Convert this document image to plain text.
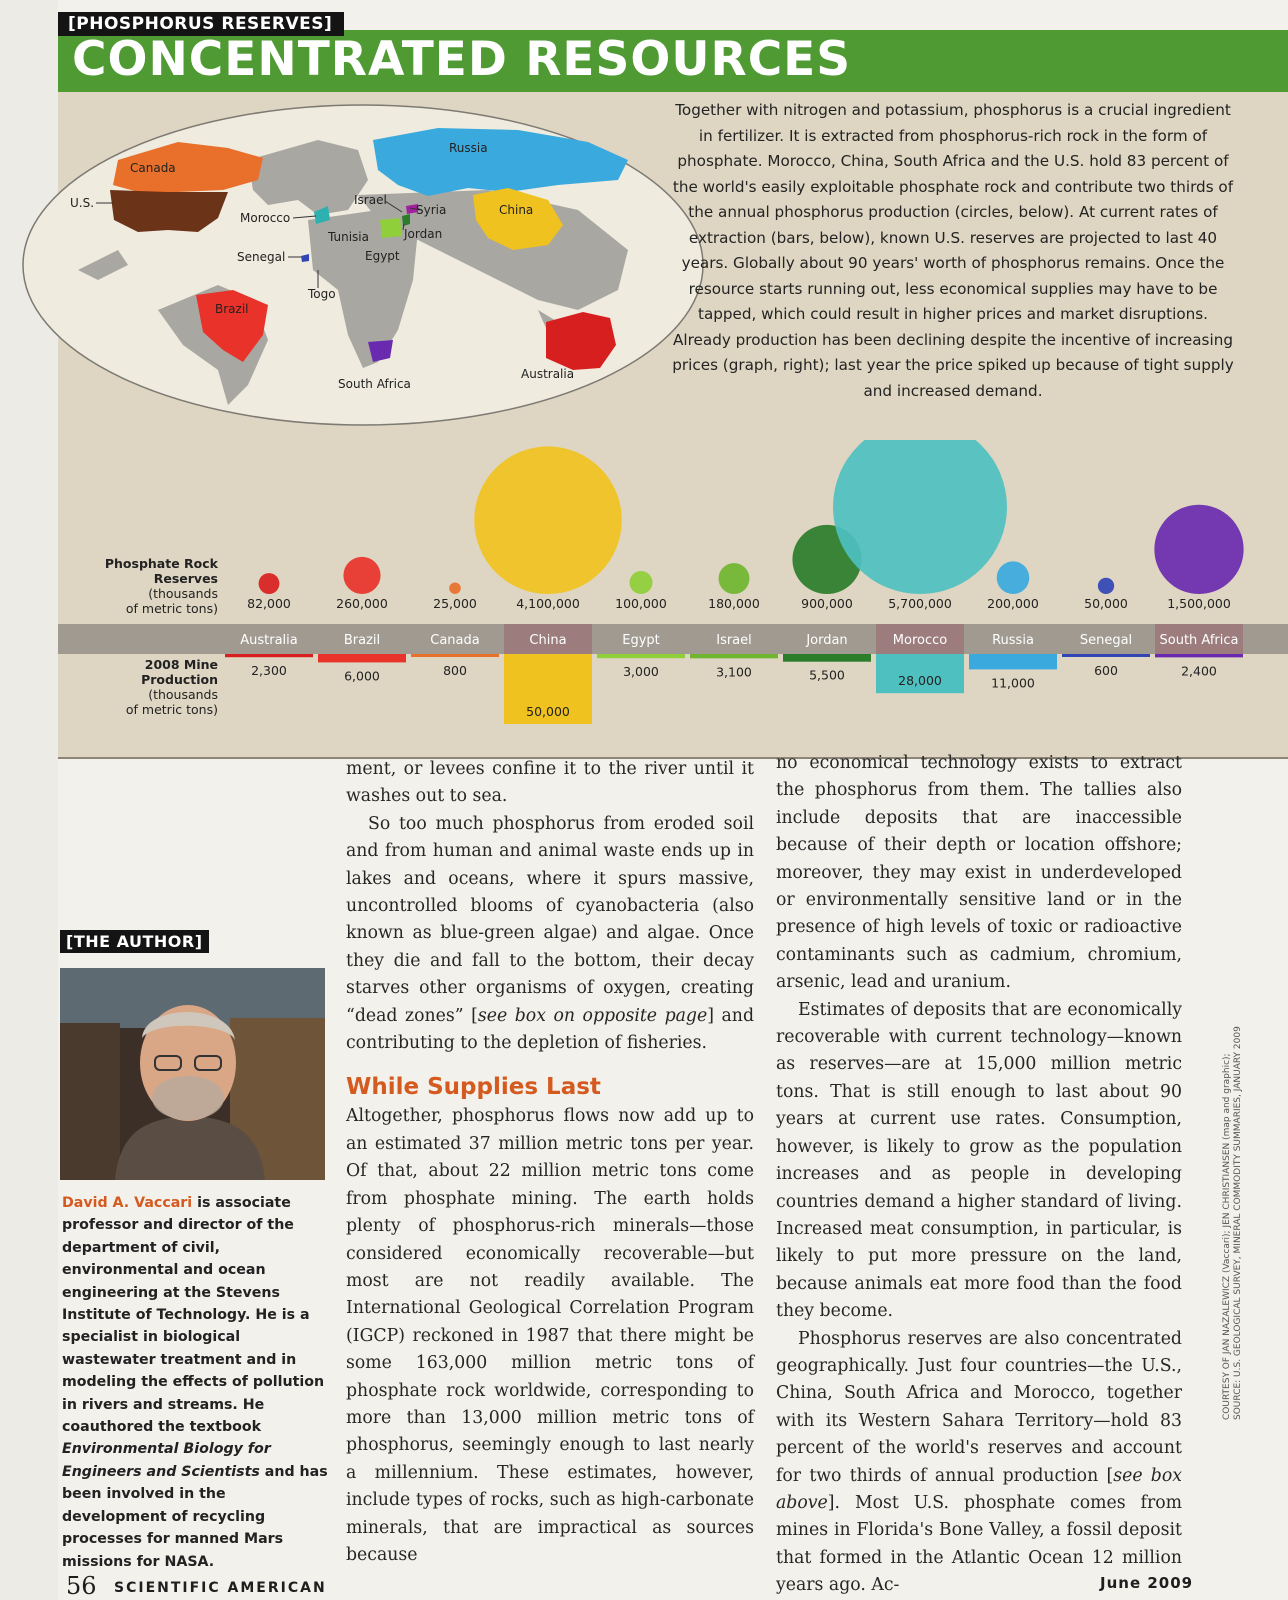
[PHOSPHORUS RESERVES]
CONCENTRATED RESOURCES
Canada
U.S.
Russia
China
Israel
Syria
Jordan
Morocco
Tunisia
Egypt
Senegal
Togo
Brazil
South Africa
Australia
Together with nitrogen and potassium, phosphorus is a crucial ingredient in fertilizer. It is extracted from phosphorus-rich rock in the form of phosphate. Morocco, China, South Africa and the U.S. hold 83 percent of the world's easily exploitable phosphate rock and contribute two thirds of the annual phosphorus production (circles, below). At current rates of extraction (bars, below), known U.S. reserves are projected to last 40 years. Globally about 90 years' worth of phosphorus remains. Once the resource starts running out, less economical supplies may have to be tapped, which could result in higher prices and market disruptions. Already production has been declining despite the incentive of increasing prices (graph, right); last year the price spiked up because of tight supply and increased demand.
Phosphate Rock
Reserves
(thousands
of metric tons)
2008 Mine
Production
(thousands
of metric tons)
82,000
Australia
2,300
260,000
Brazil
6,000
25,000
Canada
800
4,100,000
China
50,000
100,000
Egypt
3,000
180,000
Israel
3,100
900,000
Jordan
5,500
5,700,000
Morocco
28,000
200,000
Russia
11,000
50,000
Senegal
600
1,500,000
South Africa
2,400

ment, or levees confine it to the river until it washes out to sea.

So too much phosphorus from eroded soil and from human and animal waste ends up in lakes and oceans, where it spurs massive, uncontrolled blooms of cyanobacteria (also known as blue-green algae) and algae. Once they die and fall to the bottom, their decay starves other organisms of oxygen, creating “dead zones” [see box on opposite page] and contributing to the depletion of fisheries.

While Supplies Last

Altogether, phosphorus flows now add up to an estimated 37 million metric tons per year. Of that, about 22 million metric tons come from phosphate mining. The earth holds plenty of phosphorus-rich minerals—those considered economically recoverable—but most are not readily available. The International Geological Correlation Program (IGCP) reckoned in 1987 that there might be some 163,000 million metric tons of phosphate rock worldwide, corresponding to more than 13,000 million metric tons of phosphorus, seemingly enough to last nearly a millennium. These estimates, however, include types of rocks, such as high-carbonate minerals, that are impractical as sources because

no economical technology exists to extract the phosphorus from them. The tallies also include deposits that are inaccessible because of their depth or location offshore; moreover, they may exist in underdeveloped or environmentally sensitive land or in the presence of high levels of toxic or radioactive contaminants such as cadmium, chromium, arsenic, lead and uranium.

Estimates of deposits that are economically recoverable with current technology—known as reserves—are at 15,000 million metric tons. That is still enough to last about 90 years at current use rates. Consumption, however, is likely to grow as the population increases and as people in developing countries demand a higher standard of living. Increased meat consumption, in particular, is likely to put more pressure on the land, because animals eat more food than the food they become.

Phosphorus reserves are also concentrated geographically. Just four countries—the U.S., China, South Africa and Morocco, together with its Western Sahara Territory—hold 83 percent of the world's reserves and account for two thirds of annual production [see box above]. Most U.S. phosphate comes from mines in Florida's Bone Valley, a fossil deposit that formed in the Atlantic Ocean 12 million years ago. Ac-

[THE AUTHOR]
David A. Vaccari is associate professor and director of the department of civil, environmental and ocean engineering at the Stevens Institute of Technology. He is a specialist in biological wastewater treatment and in modeling the effects of pollution in rivers and streams. He coauthored the textbook Environmental Biology for Engineers and Scientists and has been involved in the development of recycling processes for manned Mars missions for NASA.
COURTESY OF JAN NAZALEWICZ (Vaccari); JEN CHRISTIANSEN (map and graphic); SOURCE: U.S. GEOLOGICAL SURVEY, MINERAL COMMODITY SUMMARIES, JANUARY 2009
56 SCIENTIFIC AMERICAN	June 2009
